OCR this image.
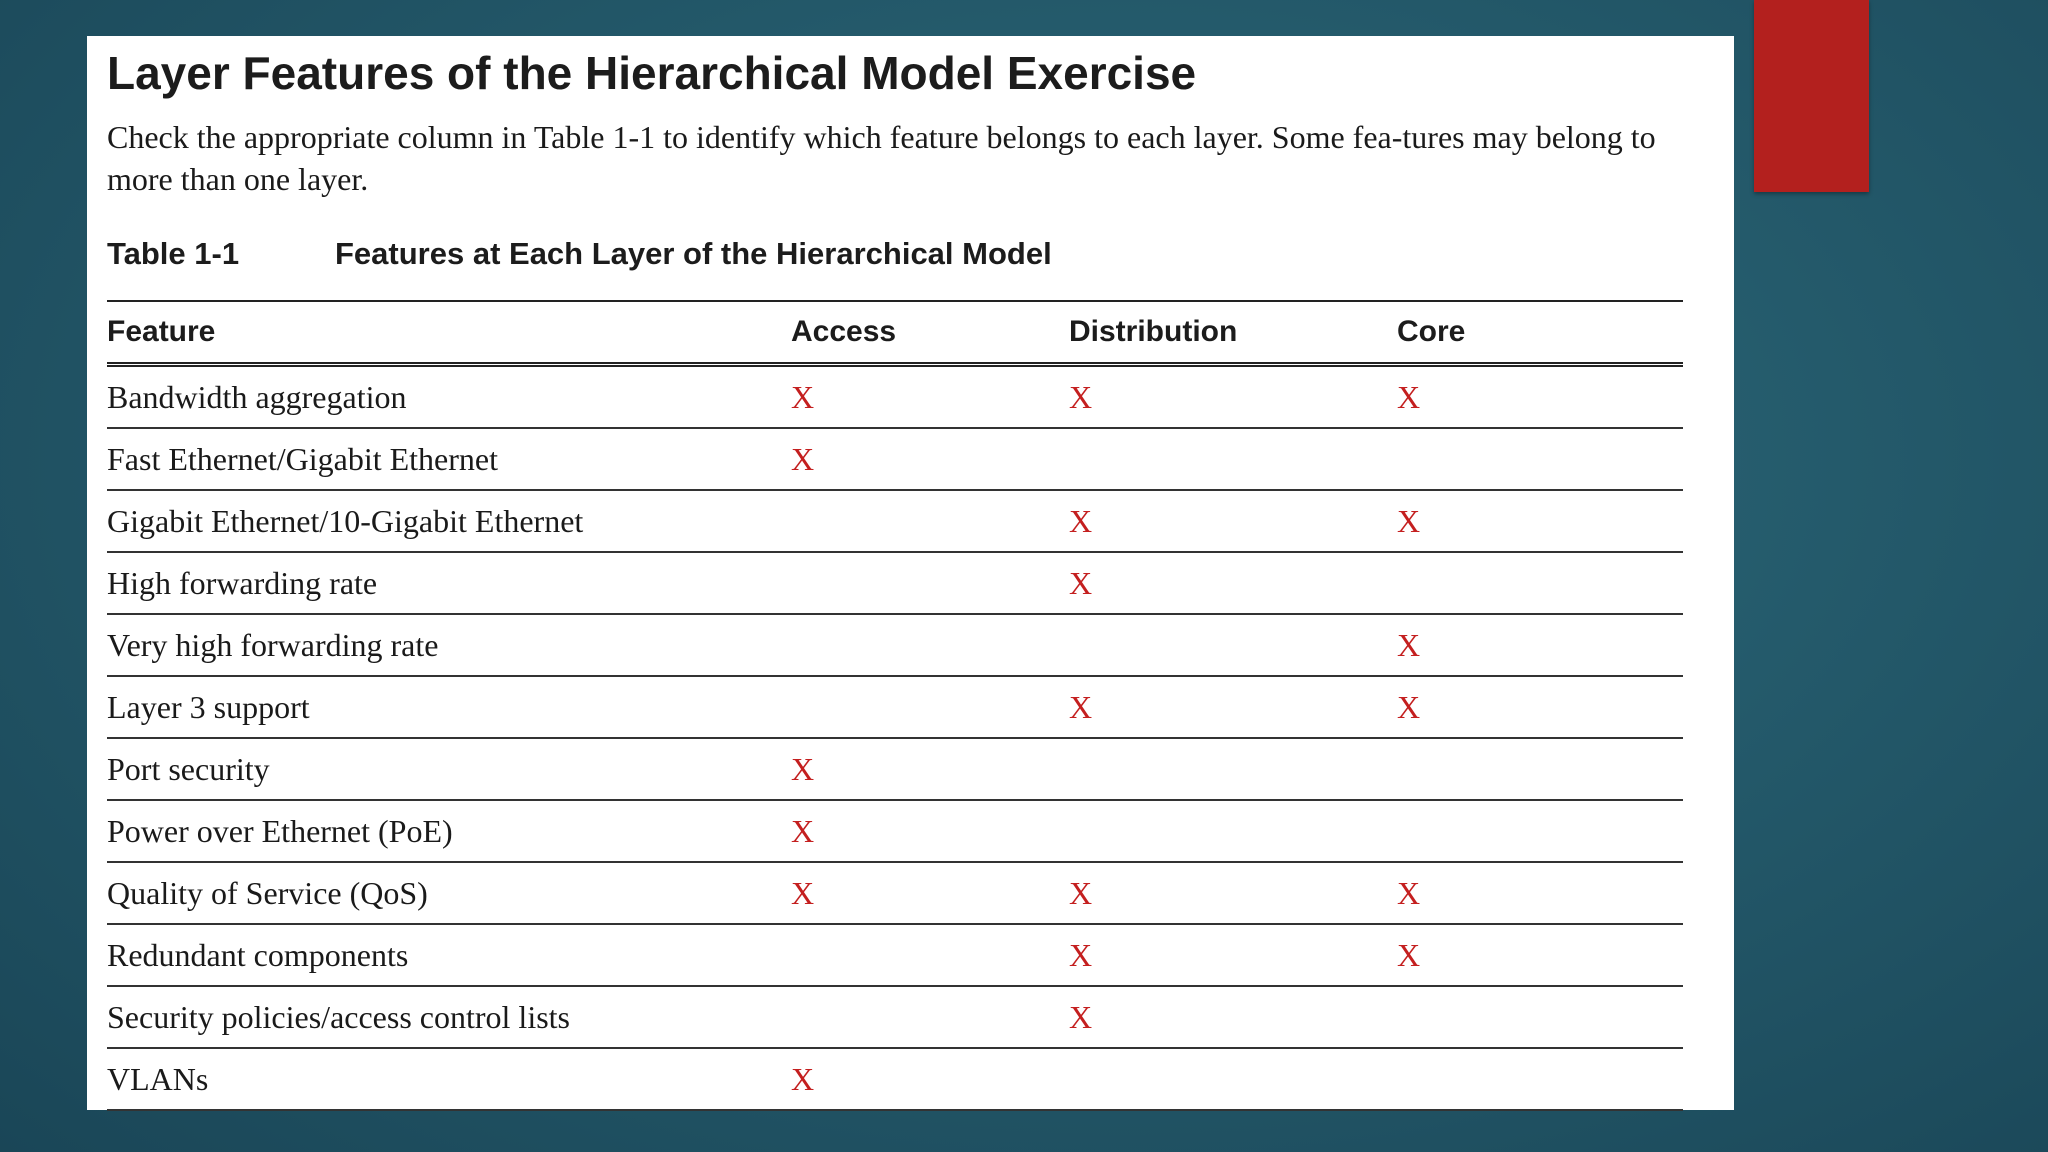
Layer Features of the Hierarchical Model Exercise

Check the appropriate column in Table 1-1 to identify which feature belongs to each layer. Some fea-tures may belong to more than one layer.

Table 1-1	Features at Each Layer of the Hierarchical Model
Feature	Access	Distribution	Core
Bandwidth aggregation	X	X	X
Fast Ethernet/Gigabit Ethernet	X		
Gigabit Ethernet/10-Gigabit Ethernet		X	X
High forwarding rate		X	
Very high forwarding rate			X
Layer 3 support		X	X
Port security	X		
Power over Ethernet (PoE)	X		
Quality of Service (QoS)	X	X	X
Redundant components		X	X
Security policies/access control lists		X	
VLANs	X		
